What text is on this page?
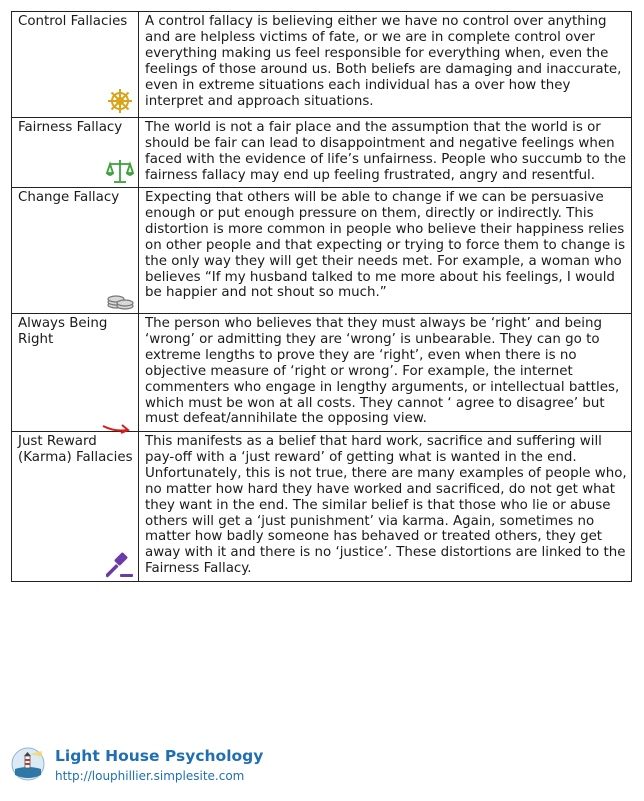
Control Fallacies	A control fallacy is believing either we have no control over anything and are helpless victims of fate, or we are in complete control over everything making us feel responsible for everything when, even the feelings of those around us. Both beliefs are damaging and inaccurate, even in extreme situations each individual has a over how they interpret and approach situations.
Fairness Fallacy	The world is not a fair place and the assumption that the world is or should be fair can lead to disappointment and negative feelings when faced with the evidence of life’s unfairness. People who succumb to the fairness fallacy may end up feeling frustrated, angry and resentful.
Change Fallacy	Expecting that others will be able to change if we can be persuasive enough or put enough pressure on them, directly or indirectly. This distortion is more common in people who believe their happiness relies on other people and that expecting or trying to force them to change is the only way they will get their needs met. For example, a woman who believes “If my husband talked to me more about his feelings, I would be happier and not shout so much.”
Always Being Right	The person who believes that they must always be ‘right’ and being ‘wrong’ or admitting they are ‘wrong’ is unbearable. They can go to extreme lengths to prove they are ‘right’, even when there is no objective measure of ‘right or wrong’. For example, the internet commenters who engage in lengthy arguments, or intellectual battles, which must be won at all costs. They cannot ‘ agree to disagree’ but must defeat/annihilate the opposing view.
Just Reward (Karma) Fallacies	This manifests as a belief that hard work, sacrifice and suffering will pay-off with a ‘just reward’ of getting what is wanted in the end. Unfortunately, this is not true, there are many examples of people who, no matter how hard they have worked and sacrificed, do not get what they want in the end. The similar belief is that those who lie or abuse others will get a ‘just punishment’ via karma. Again, sometimes no matter how badly someone has behaved or treated others, they get away with it and there is no ‘justice’. These distortions are linked to the Fairness Fallacy.
Light House Psychology
http://louphillier.simplesite.com
